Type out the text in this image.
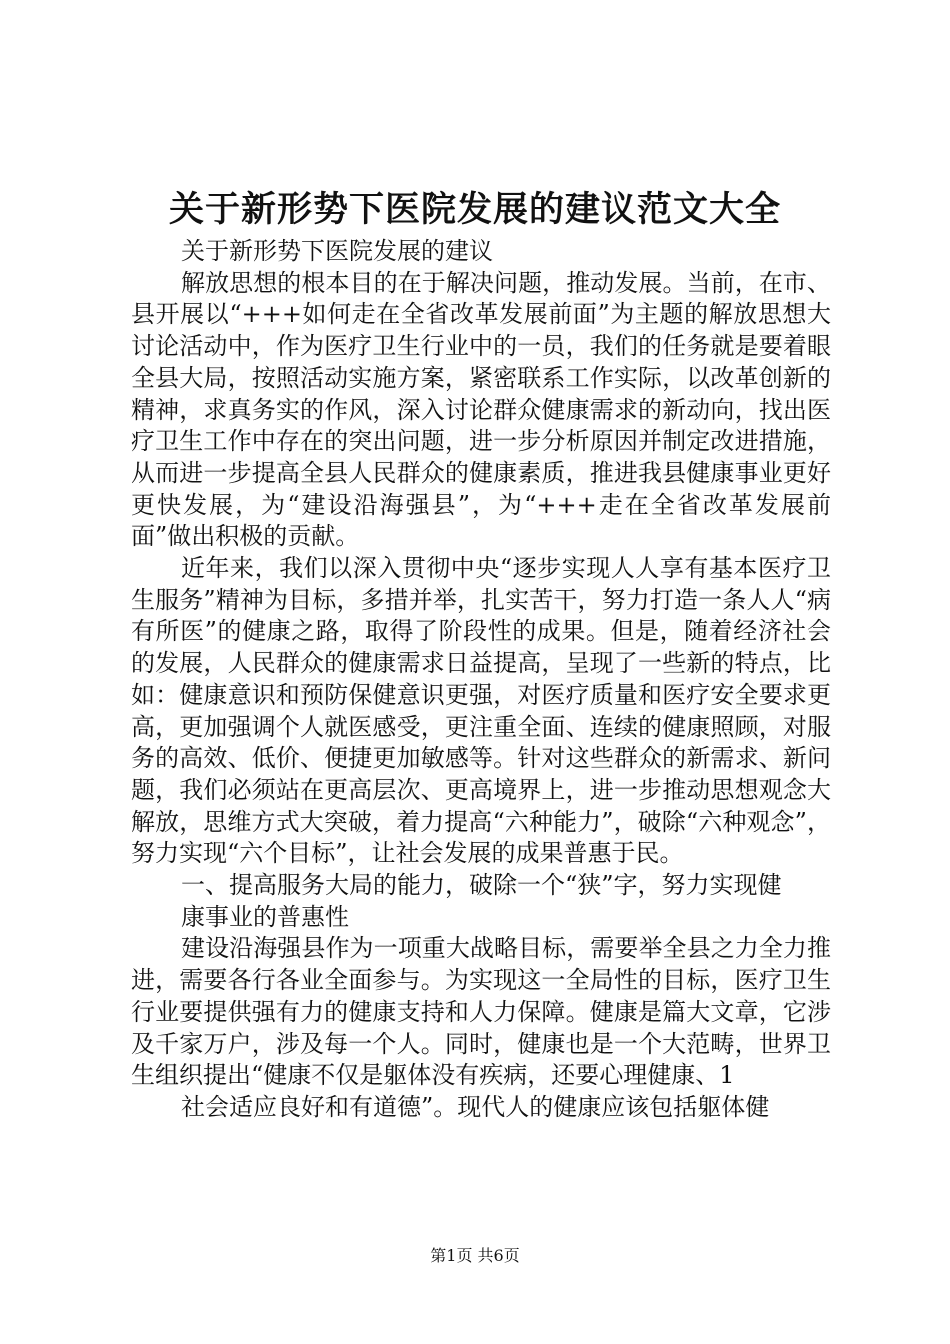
关于新形势下医院发展的建议范文大全

关于新形势下医院发展的建议

解放思想的根本目的在于解决问题，推动发展。当前，在市、县开展以“+++如何走在全省改革发展前面”为主题的解放思想大讨论活动中，作为医疗卫生行业中的一员，我们的任务就是要着眼全县大局，按照活动实施方案，紧密联系工作实际，以改革创新的精神，求真务实的作风，深入讨论群众健康需求的新动向，找出医疗卫生工作中存在的突出问题，进一步分析原因并制定改进措施，从而进一步提高全县人民群众的健康素质，推进我县健康事业更好更快发展，为“建设沿海强县”，为“+++走在全省改革发展前面”做出积极的贡献。

近年来，我们以深入贯彻中央“逐步实现人人享有基本医疗卫生服务”精神为目标，多措并举，扎实苦干，努力打造一条人人“病有所医”的健康之路，取得了阶段性的成果。但是，随着经济社会的发展，人民群众的健康需求日益提高，呈现了一些新的特点，比如：健康意识和预防保健意识更强，对医疗质量和医疗安全要求更高，更加强调个人就医感受，更注重全面、连续的健康照顾，对服务的高效、低价、便捷更加敏感等。针对这些群众的新需求、新问题，我们必须站在更高层次、更高境界上，进一步推动思想观念大解放，思维方式大突破，着力提高“六种能力”，破除“六种观念”，努力实现“六个目标”，让社会发展的成果普惠于民。

一、提高服务大局的能力，破除一个“狭”字，努力实现健

康事业的普惠性

建设沿海强县作为一项重大战略目标，需要举全县之力全力推进，需要各行各业全面参与。为实现这一全局性的目标，医疗卫生行业要提供强有力的健康支持和人力保障。健康是篇大文章，它涉及千家万户，涉及每一个人。同时，健康也是一个大范畴，世界卫生组织提出“健康不仅是躯体没有疾病，还要心理健康、1

社会适应良好和有道德”。现代人的健康应该包括躯体健

第1页 共6页
